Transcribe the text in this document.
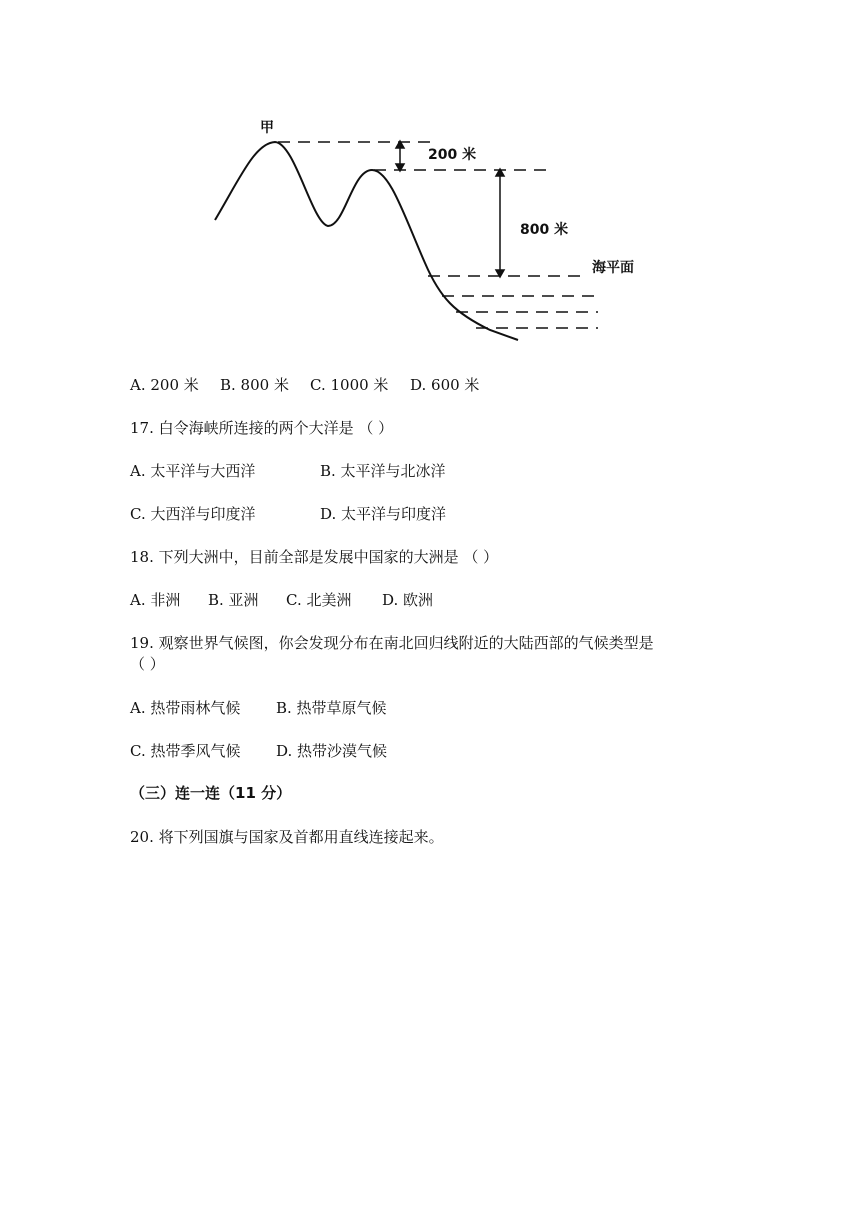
甲
200 米
800 米
海平面
A. 200 米 B. 800 米 C. 1000 米 D. 600 米
17. 白令海峡所连接的两个大洋是 （ ）
A. 太平洋与大西洋	B. 太平洋与北冰洋
C. 大西洋与印度洋	D. 太平洋与印度洋
18. 下列大洲中，目前全部是发展中国家的大洲是 （ ）
A. 非洲 B. 亚洲 C. 北美洲 D. 欧洲
19. 观察世界气候图，你会发现分布在南北回归线附近的大陆西部的气候类型是
（ ）
A. 热带雨林气候 B. 热带草原气候
C. 热带季风气候 D. 热带沙漠气候
（三）连一连（11 分）
20. 将下列国旗与国家及首都用直线连接起来。
